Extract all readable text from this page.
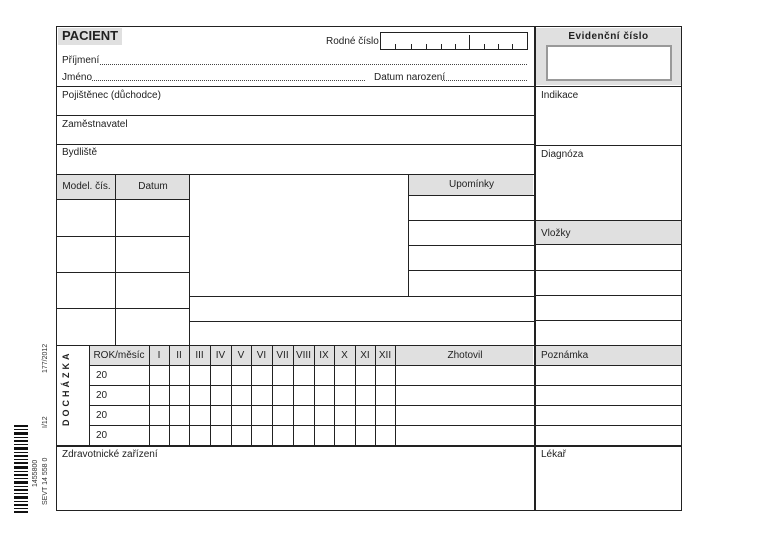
PACIENT	Rodné číslo
Příjmení
Jméno	Datum narození
Pojištěnec (důchodce)
Zaměstnavatel
Bydliště
Evidenční číslo
Indikace
Diagnóza
Vložky
Poznámka
Model. čís.	Datum	Upomínky
DOCHÁZKA	ROK/měsíc	I	II	III	IV	V	VI	VII VIII IX	X	XI XII	Zhotovil
20
20
20
20
Zdravotnické zařízení	Lékař
177/2012
I/12
SEVT 14 558 0
1455800
